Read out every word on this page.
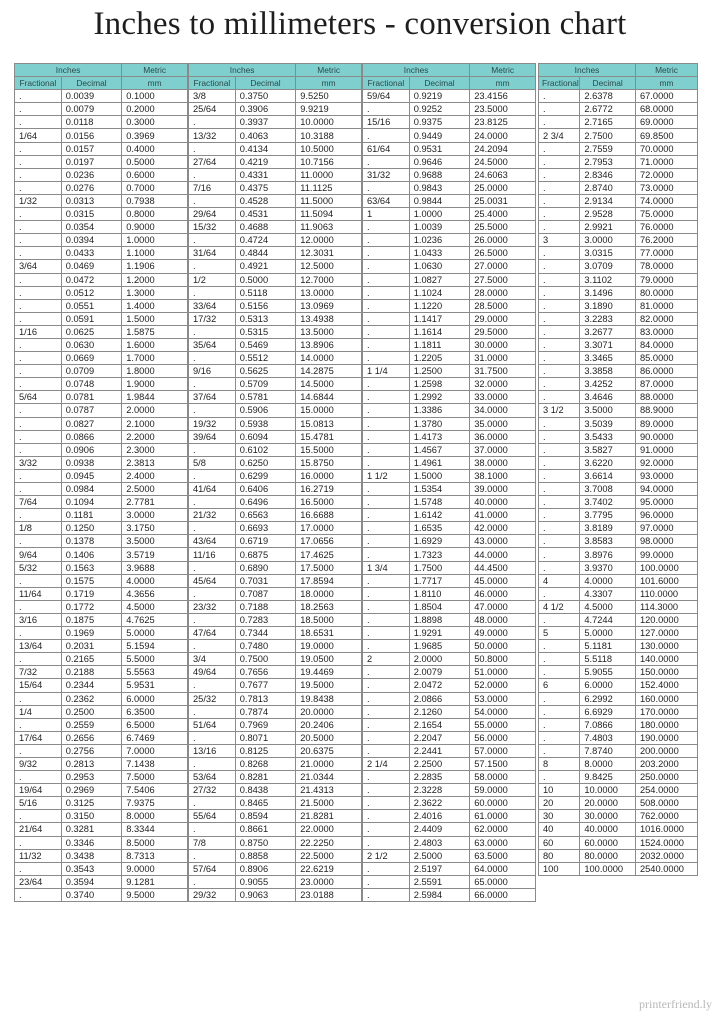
Inches to millimeters - conversion chart
Inches		Metric
Fractional	Decimal	mm
.	0.0039	0.1000
.	0.0079	0.2000
.	0.0118	0.3000
1/64	0.0156	0.3969
.	0.0157	0.4000
.	0.0197	0.5000
.	0.0236	0.6000
.	0.0276	0.7000
1/32	0.0313	0.7938
.	0.0315	0.8000
.	0.0354	0.9000
.	0.0394	1.0000
.	0.0433	1.1000
3/64	0.0469	1.1906
.	0.0472	1.2000
.	0.0512	1.3000
.	0.0551	1.4000
.	0.0591	1.5000
1/16	0.0625	1.5875
.	0.0630	1.6000
.	0.0669	1.7000
.	0.0709	1.8000
.	0.0748	1.9000
5/64	0.0781	1.9844
.	0.0787	2.0000
.	0.0827	2.1000
.	0.0866	2.2000
.	0.0906	2.3000
3/32	0.0938	2.3813
.	0.0945	2.4000
.	0.0984	2.5000
7/64	0.1094	2.7781
.	0.1181	3.0000
1/8	0.1250	3.1750
.	0.1378	3.5000
9/64	0.1406	3.5719
5/32	0.1563	3.9688
.	0.1575	4.0000
11/64	0.1719	4.3656
.	0.1772	4.5000
3/16	0.1875	4.7625
.	0.1969	5.0000
13/64	0.2031	5.1594
.	0.2165	5.5000
7/32	0.2188	5.5563
15/64	0.2344	5.9531
.	0.2362	6.0000
1/4	0.2500	6.3500
.	0.2559	6.5000
17/64	0.2656	6.7469
.	0.2756	7.0000
9/32	0.2813	7.1438
.	0.2953	7.5000
19/64	0.2969	7.5406
5/16	0.3125	7.9375
.	0.3150	8.0000
21/64	0.3281	8.3344
.	0.3346	8.5000
11/32	0.3438	8.7313
.	0.3543	9.0000
23/64	0.3594	9.1281
.	0.3740	9.5000
Inches		Metric
Fractional	Decimal	mm
3/8	0.3750	9.5250
25/64	0.3906	9.9219
.	0.3937	10.0000
13/32	0.4063	10.3188
.	0.4134	10.5000
27/64	0.4219	10.7156
.	0.4331	11.0000
7/16	0.4375	11.1125
.	0.4528	11.5000
29/64	0.4531	11.5094
15/32	0.4688	11.9063
.	0.4724	12.0000
31/64	0.4844	12.3031
.	0.4921	12.5000
1/2	0.5000	12.7000
.	0.5118	13.0000
33/64	0.5156	13.0969
17/32	0.5313	13.4938
.	0.5315	13.5000
35/64	0.5469	13.8906
.	0.5512	14.0000
9/16	0.5625	14.2875
.	0.5709	14.5000
37/64	0.5781	14.6844
.	0.5906	15.0000
19/32	0.5938	15.0813
39/64	0.6094	15.4781
.	0.6102	15.5000
5/8	0.6250	15.8750
.	0.6299	16.0000
41/64	0.6406	16.2719
.	0.6496	16.5000
21/32	0.6563	16.6688
.	0.6693	17.0000
43/64	0.6719	17.0656
11/16	0.6875	17.4625
.	0.6890	17.5000
45/64	0.7031	17.8594
.	0.7087	18.0000
23/32	0.7188	18.2563
.	0.7283	18.5000
47/64	0.7344	18.6531
.	0.7480	19.0000
3/4	0.7500	19.0500
49/64	0.7656	19.4469
.	0.7677	19.5000
25/32	0.7813	19.8438
.	0.7874	20.0000
51/64	0.7969	20.2406
.	0.8071	20.5000
13/16	0.8125	20.6375
.	0.8268	21.0000
53/64	0.8281	21.0344
27/32	0.8438	21.4313
.	0.8465	21.5000
55/64	0.8594	21.8281
.	0.8661	22.0000
7/8	0.8750	22.2250
.	0.8858	22.5000
57/64	0.8906	22.6219
.	0.9055	23.0000
29/32	0.9063	23.0188
Inches		Metric
Fractional	Decimal	mm
59/64	0.9219	23.4156
.	0.9252	23.5000
15/16	0.9375	23.8125
.	0.9449	24.0000
61/64	0.9531	24.2094
.	0.9646	24.5000
31/32	0.9688	24.6063
.	0.9843	25.0000
63/64	0.9844	25.0031
1	1.0000	25.4000
.	1.0039	25.5000
.	1.0236	26.0000
.	1.0433	26.5000
.	1.0630	27.0000
.	1.0827	27.5000
.	1.1024	28.0000
.	1.1220	28.5000
.	1.1417	29.0000
.	1.1614	29.5000
.	1.1811	30.0000
.	1.2205	31.0000
1 1/4	1.2500	31.7500
.	1.2598	32.0000
.	1.2992	33.0000
.	1.3386	34.0000
.	1.3780	35.0000
.	1.4173	36.0000
.	1.4567	37.0000
.	1.4961	38.0000
1 1/2	1.5000	38.1000
.	1.5354	39.0000
.	1.5748	40.0000
.	1.6142	41.0000
.	1.6535	42.0000
.	1.6929	43.0000
.	1.7323	44.0000
1 3/4	1.7500	44.4500
.	1.7717	45.0000
.	1.8110	46.0000
.	1.8504	47.0000
.	1.8898	48.0000
.	1.9291	49.0000
.	1.9685	50.0000
2	2.0000	50.8000
.	2.0079	51.0000
.	2.0472	52.0000
.	2.0866	53.0000
.	2.1260	54.0000
.	2.1654	55.0000
.	2.2047	56.0000
.	2.2441	57.0000
2 1/4	2.2500	57.1500
.	2.2835	58.0000
.	2.3228	59.0000
.	2.3622	60.0000
.	2.4016	61.0000
.	2.4409	62.0000
.	2.4803	63.0000
2 1/2	2.5000	63.5000
.	2.5197	64.0000
.	2.5591	65.0000
.	2.5984	66.0000
Inches		Metric
Fractional	Decimal	mm
.	2.6378	67.0000
.	2.6772	68.0000
.	2.7165	69.0000
2 3/4	2.7500	69.8500
.	2.7559	70.0000
.	2.7953	71.0000
.	2.8346	72.0000
.	2.8740	73.0000
.	2.9134	74.0000
.	2.9528	75.0000
.	2.9921	76.0000
3	3.0000	76.2000
.	3.0315	77.0000
.	3.0709	78.0000
.	3.1102	79.0000
.	3.1496	80.0000
.	3.1890	81.0000
.	3.2283	82.0000
.	3.2677	83.0000
.	3.3071	84.0000
.	3.3465	85.0000
.	3.3858	86.0000
.	3.4252	87.0000
.	3.4646	88.0000
3 1/2	3.5000	88.9000
.	3.5039	89.0000
.	3.5433	90.0000
.	3.5827	91.0000
.	3.6220	92.0000
.	3.6614	93.0000
.	3.7008	94.0000
.	3.7402	95.0000
.	3.7795	96.0000
.	3.8189	97.0000
.	3.8583	98.0000
.	3.8976	99.0000
.	3.9370	100.0000
4	4.0000	101.6000
.	4.3307	110.0000
4 1/2	4.5000	114.3000
.	4.7244	120.0000
5	5.0000	127.0000
.	5.1181	130.0000
.	5.5118	140.0000
.	5.9055	150.0000
6	6.0000	152.4000
.	6.2992	160.0000
.	6.6929	170.0000
.	7.0866	180.0000
.	7.4803	190.0000
.	7.8740	200.0000
8	8.0000	203.2000
.	9.8425	250.0000
10	10.0000	254.0000
20	20.0000	508.0000
30	30.0000	762.0000
40	40.0000	1016.0000
60	60.0000	1524.0000
80	80.0000	2032.0000
100	100.0000	2540.0000
printerfriend.ly
